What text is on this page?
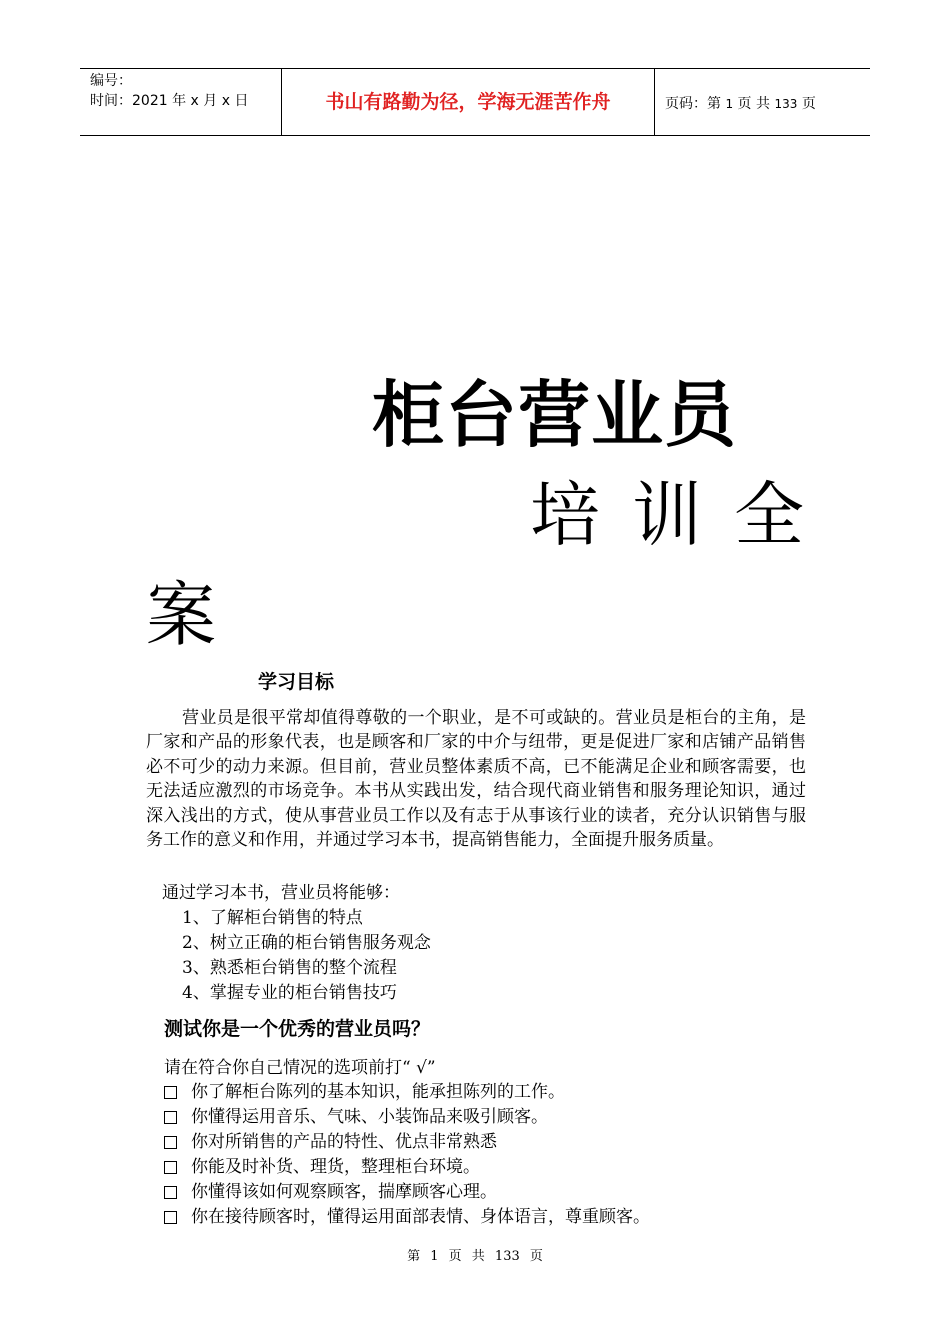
编号：
时间：2021 年 x 月 x 日	书山有路勤为径，学海无涯苦作舟	页码：第 1 页 共 133 页
柜台营业员
培训全
案
学习目标

营业员是很平常却值得尊敬的一个职业，是不可或缺的。营业员是柜台的主角，是厂家和产品的形象代表，也是顾客和厂家的中介与纽带，更是促进厂家和店铺产品销售必不可少的动力来源。但目前，营业员整体素质不高，已不能满足企业和顾客需要，也无法适应激烈的市场竞争。本书从实践出发，结合现代商业销售和服务理论知识，通过深入浅出的方式，使从事营业员工作以及有志于从事该行业的读者，充分认识销售与服务工作的意义和作用，并通过学习本书，提高销售能力，全面提升服务质量。

通过学习本书，营业员将能够：
1、了解柜台销售的特点
2、树立正确的柜台销售服务观念
3、熟悉柜台销售的整个流程
4、掌握专业的柜台销售技巧
测试你是一个优秀的营业员吗？
请在符合你自己情况的选项前打“ √”
你了解柜台陈列的基本知识，能承担陈列的工作。
你懂得运用音乐、气味、小装饰品来吸引顾客。
你对所销售的产品的特性、优点非常熟悉
你能及时补货、理货，整理柜台环境。
你懂得该如何观察顾客，揣摩顾客心理。
你在接待顾客时，懂得运用面部表情、身体语言，尊重顾客。
第 1 页 共 133 页
